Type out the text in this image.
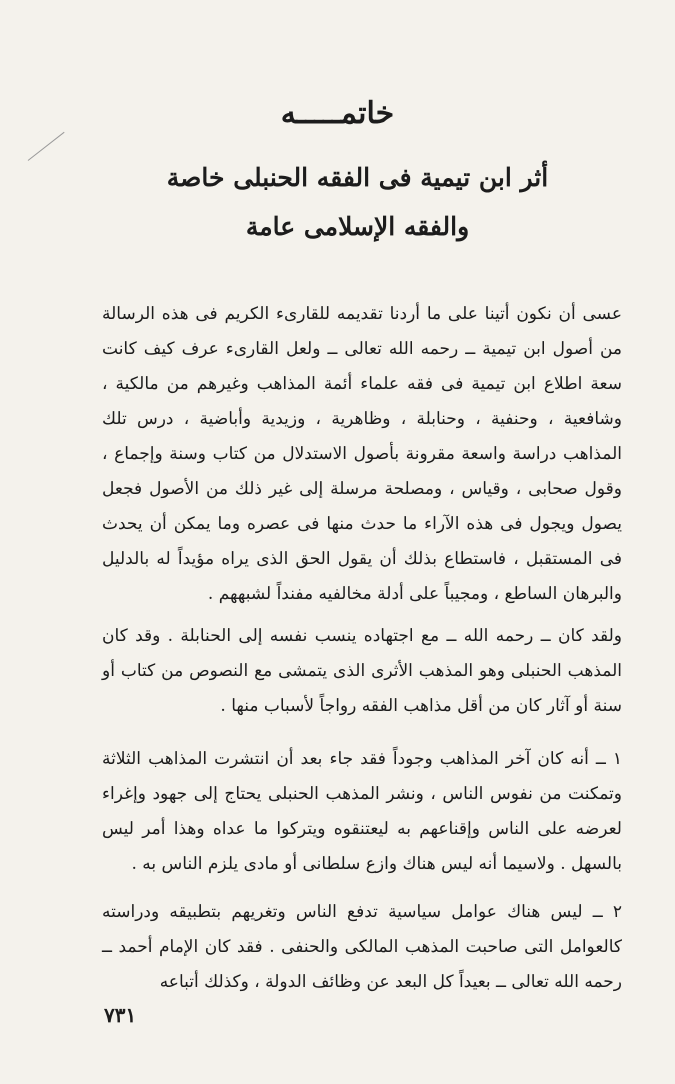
خاتمـــــه
أثر ابن تيمية فى الفقه الحنبلى خاصة
والفقه الإسلامى عامة

عسى أن نكون أتينا على ما أردنا تقديمه للقارىء الكريم فى هذه الرسالة من أصول ابن تيمية ــ رحمه الله تعالى ــ ولعل القارىء عرف كيف كانت سعة اطلاع ابن تيمية فى فقه علماء أئمة المذاهب وغيرهم من مالكية ، وشافعية ، وحنفية ، وحنابلة ، وظاهرية ، وزيدية وأباضية ، درس تلك المذاهب دراسة واسعة مقرونة بأصول الاستدلال من كتاب وسنة وإجماع ، وقول صحابى ، وقياس ، ومصلحة مرسلة إلى غير ذلك من الأصول فجعل يصول ويجول فى هذه الآراء ما حدث منها فى عصره وما يمكن أن يحدث فى المستقبل ، فاستطاع بذلك أن يقول الحق الذى يراه مؤيداً له بالدليل والبرهان الساطع ، ومجيباً على أدلة مخالفيه مفنداً لشبههم .

ولقد كان ــ رحمه الله ــ مع اجتهاده ينسب نفسه إلى الحنابلة . وقد كان المذهب الحنبلى وهو المذهب الأثرى الذى يتمشى مع النصوص من كتاب أو سنة أو آثار كان من أقل مذاهب الفقه رواجاً لأسباب منها .

١ ــ أنه كان آخر المذاهب وجوداً فقد جاء بعد أن انتشرت المذاهب الثلاثة وتمكنت من نفوس الناس ، ونشر المذهب الحنبلى يحتاج إلى جهود وإغراء لعرضه على الناس وإقناعهم به ليعتنقوه ويتركوا ما عداه وهذا أمر ليس بالسهل . ولاسيما أنه ليس هناك وازع سلطانى أو مادى يلزم الناس به .

٢ ــ ليس هناك عوامل سياسية تدفع الناس وتغريهم بتطبيقه ودراسته كالعوامل التى صاحبت المذهب المالكى والحنفى . فقد كان الإمام أحمد ــ رحمه الله تعالى ــ بعيداً كل البعد عن وظائف الدولة ، وكذلك أتباعه

٧٣١
